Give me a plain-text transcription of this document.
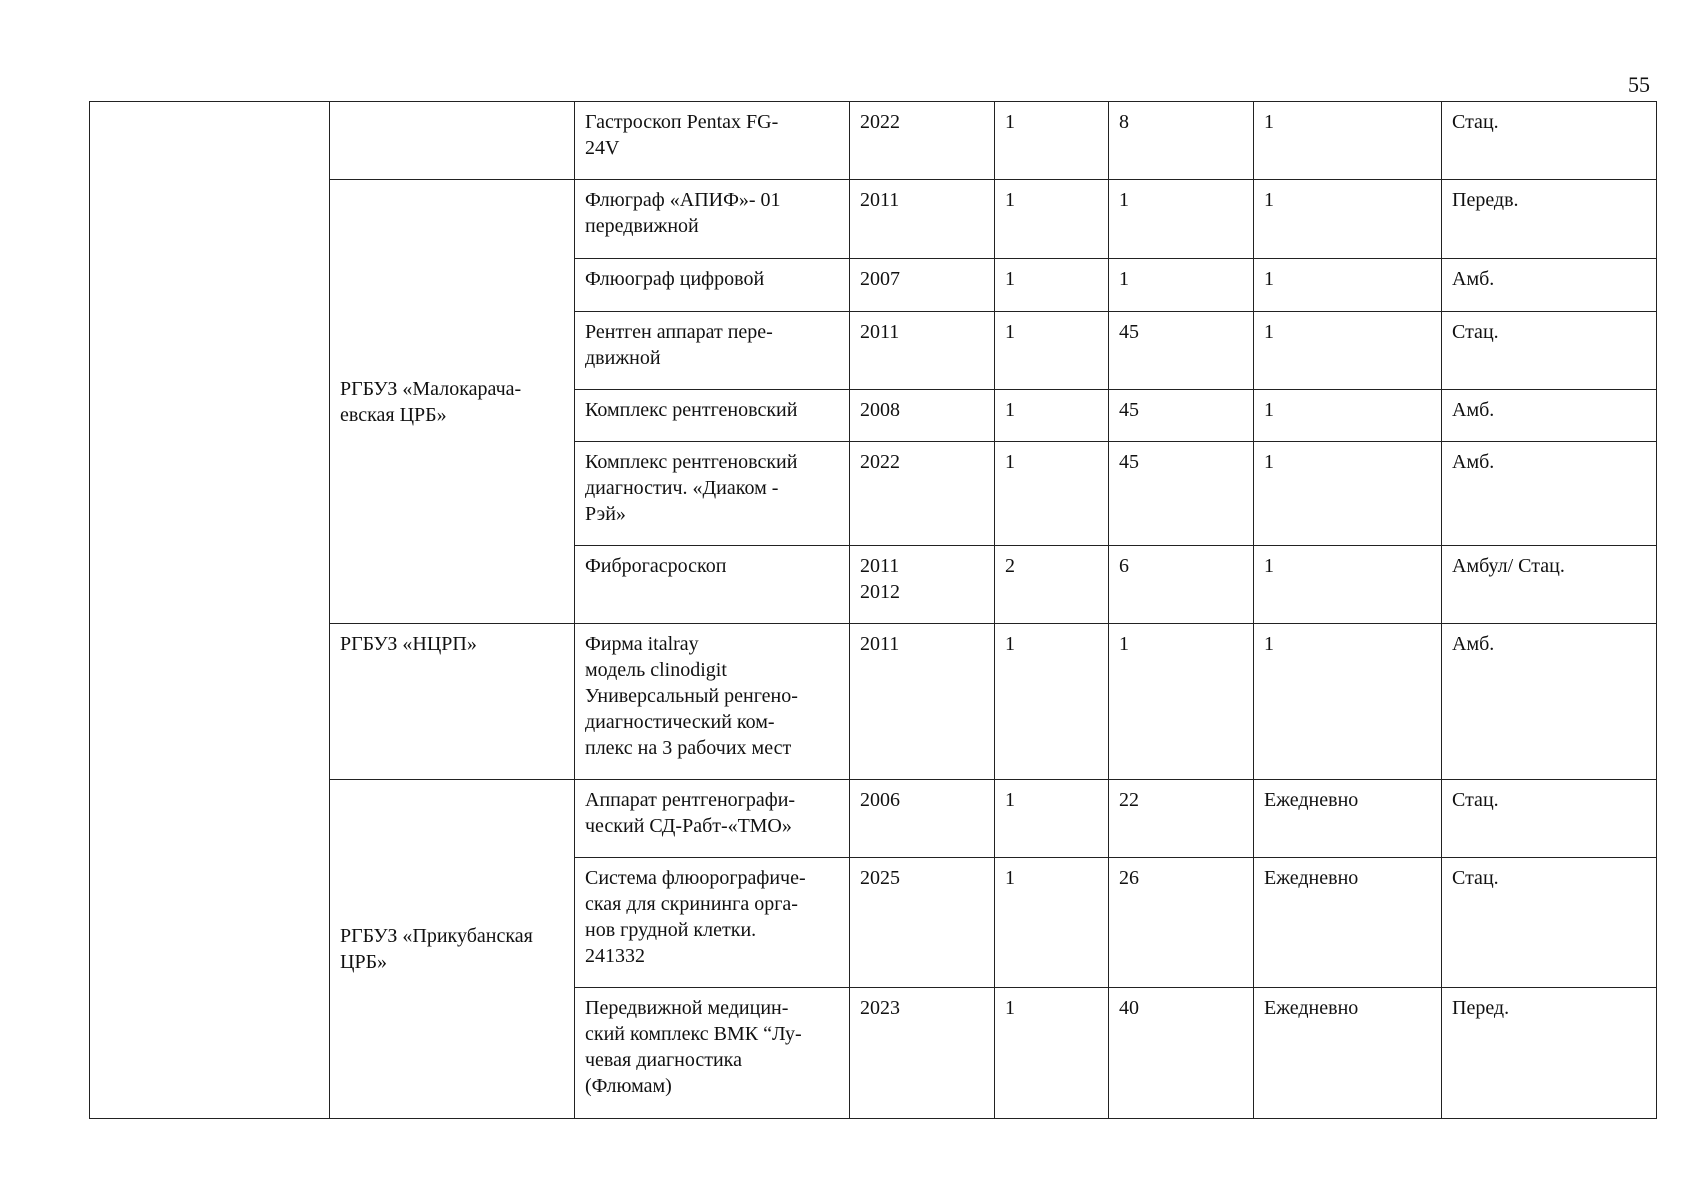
55
		Гастроскоп Pentax FG-
24V	2022	1	8	1	Стац.
	РГБУЗ «Малокарача-
евская ЦРБ»	Флюграф «АПИФ»- 01
передвижной	2011	1	1	1	Передв.
		Флюограф цифровой	2007	1	1	1	Амб.
		Рентген аппарат пере-
движной	2011	1	45	1	Стац.
		Комплекс рентгеновский	2008	1	45	1	Амб.
		Комплекс рентгеновский
диагностич. «Диаком -
Рэй»	2022	1	45	1	Амб.
		Фиброгасроскоп	2011
2012	2	6	1	Амбул/ Стац.
	РГБУЗ «НЦРП»	Фирма italray
модель clinodigit
Универсальный ренгено-
диагностический ком-
плекс на 3 рабочих мест	2011	1	1	1	Амб.
	РГБУЗ «Прикубанская
ЦРБ»	Аппарат рентгенографи-
ческий СД-Рабт-«ТМО»	2006	1	22	Ежедневно	Стац.
		Система флюорографиче-
ская для скрининга орга-
нов грудной клетки.
241332	2025	1	26	Ежедневно	Стац.
		Передвижной медицин-
ский комплекс ВМК “Лу-
чевая диагностика
(Флюмам)	2023	1	40	Ежедневно	Перед.
